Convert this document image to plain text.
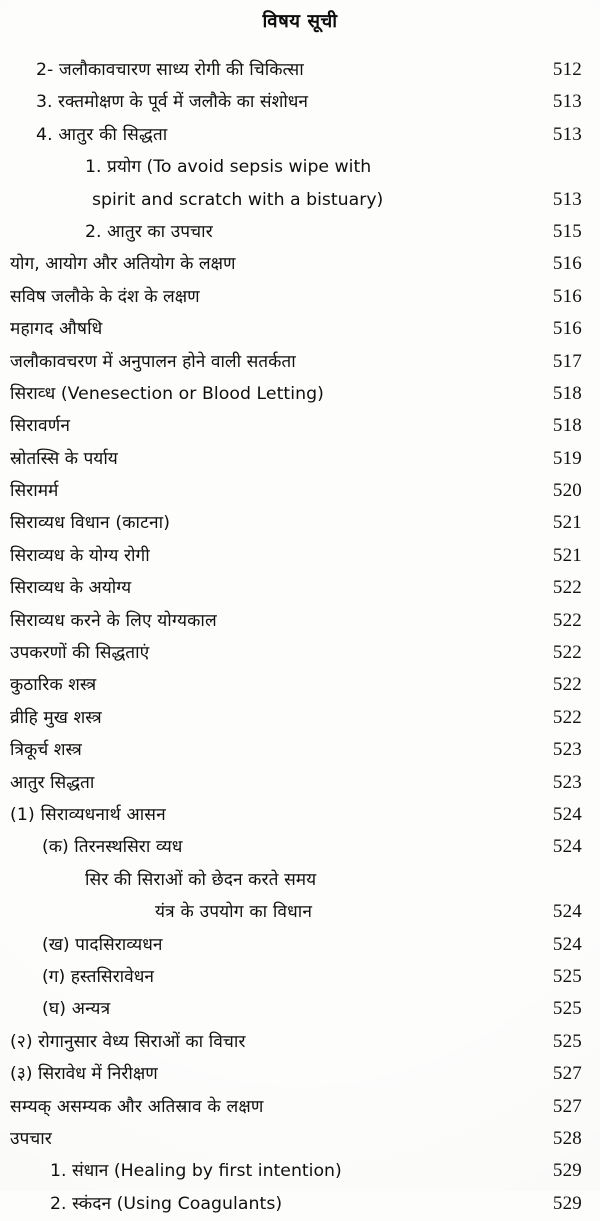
विषय सूची
2- जलौकावचारण साध्य रोगी की चिकित्सा	512
3. रक्तमोक्षण के पूर्व में जलौके का संशोधन	513
4. आतुर की सिद्धता	513
1. प्रयोग (To avoid sepsis wipe with
spirit and scratch with a bistuary)	513
2. आतुर का उपचार	515
योग, आयोग और अतियोग के लक्षण	516
सविष जलौके के दंश के लक्षण	516
महागद औषधि	516
जलौकावचरण में अनुपालन होने वाली सतर्कता	517
सिराव्ध (Venesection or Blood Letting)	518
सिरावर्णन	518
स्रोतस्सि के पर्याय	519
सिरामर्म	520
सिराव्यध विधान (काटना)	521
सिराव्यध के योग्य रोगी	521
सिराव्यध के अयोग्य	522
सिराव्यध करने के लिए योग्यकाल	522
उपकरणों की सिद्धताएं	522
कुठारिक शस्त्र	522
व्रीहि मुख शस्त्र	522
त्रिकूर्च शस्त्र	523
आतुर सिद्धता	523
(1) सिराव्यधनार्थ आसन	524
(क) तिरनस्थसिरा व्यध	524
सिर की सिराओं को छेदन करते समय
यंत्र के उपयोग का विधान	524
(ख) पादसिराव्यधन	524
(ग) हस्तसिरावेधन	525
(घ) अन्यत्र	525
(२) रोगानुसार वेध्य सिराओं का विचार	525
(३) सिरावेध में निरीक्षण	527
सम्यक् असम्यक और अतिस्राव के लक्षण	527
उपचार	528
1. संधान (Healing by first intention)	529
2. स्कंदन (Using Coagulants)	529
